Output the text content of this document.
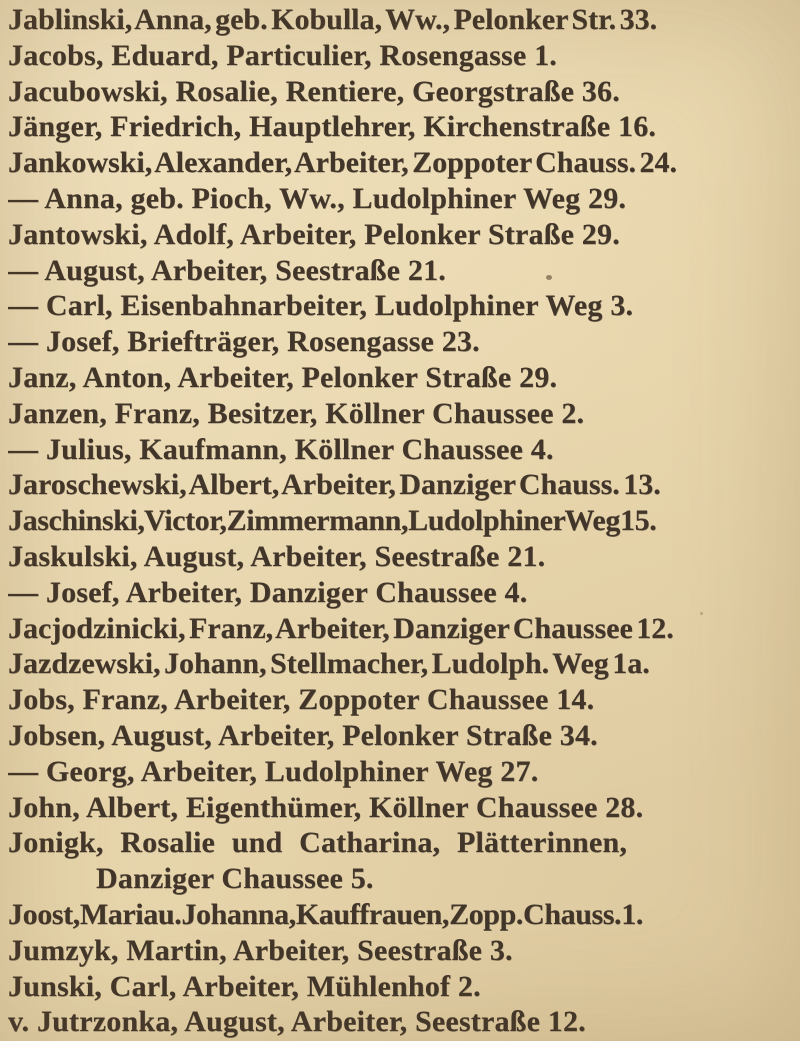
Jablinski, Anna, geb. Kobulla, Ww., Pelonker Str. 33.
Jacobs, Eduard, Particulier, Rosengasse 1.
Jacubowski, Rosalie, Rentiere, Georgstraße 36.
Jänger, Friedrich, Hauptlehrer, Kirchenstraße 16.
Jankowski, Alexander, Arbeiter, Zoppoter Chauss. 24.
— Anna, geb. Pioch, Ww., Ludolphiner Weg 29.
Jantowski, Adolf, Arbeiter, Pelonker Straße 29.
— August, Arbeiter, Seestraße 21.
— Carl, Eisenbahnarbeiter, Ludolphiner Weg 3.
— Josef, Briefträger, Rosengasse 23.
Janz, Anton, Arbeiter, Pelonker Straße 29.
Janzen, Franz, Besitzer, Köllner Chaussee 2.
— Julius, Kaufmann, Köllner Chaussee 4.
Jaroschewski, Albert, Arbeiter, Danziger Chauss. 13.
Jaschinski, Victor, Zimmermann, Ludolphiner Weg 15.
Jaskulski, August, Arbeiter, Seestraße 21.
— Josef, Arbeiter, Danziger Chaussee 4.
Jacjodzinicki, Franz, Arbeiter, Danziger Chaussee 12.
Jazdzewski, Johann, Stellmacher, Ludolph. Weg 1a.
Jobs, Franz, Arbeiter, Zoppoter Chaussee 14.
Jobsen, August, Arbeiter, Pelonker Straße 34.
— Georg, Arbeiter, Ludolphiner Weg 27.
John, Albert, Eigenthümer, Köllner Chaussee 28.
Jonigk, Rosalie und Catharina, Plätterinnen,
Danziger Chaussee 5.
Joost, Maria u. Johanna, Kauffrauen, Zopp. Chauss. 1.
Jumzyk, Martin, Arbeiter, Seestraße 3.
Junski, Carl, Arbeiter, Mühlenhof 2.
v. Jutrzonka, August, Arbeiter, Seestraße 12.
